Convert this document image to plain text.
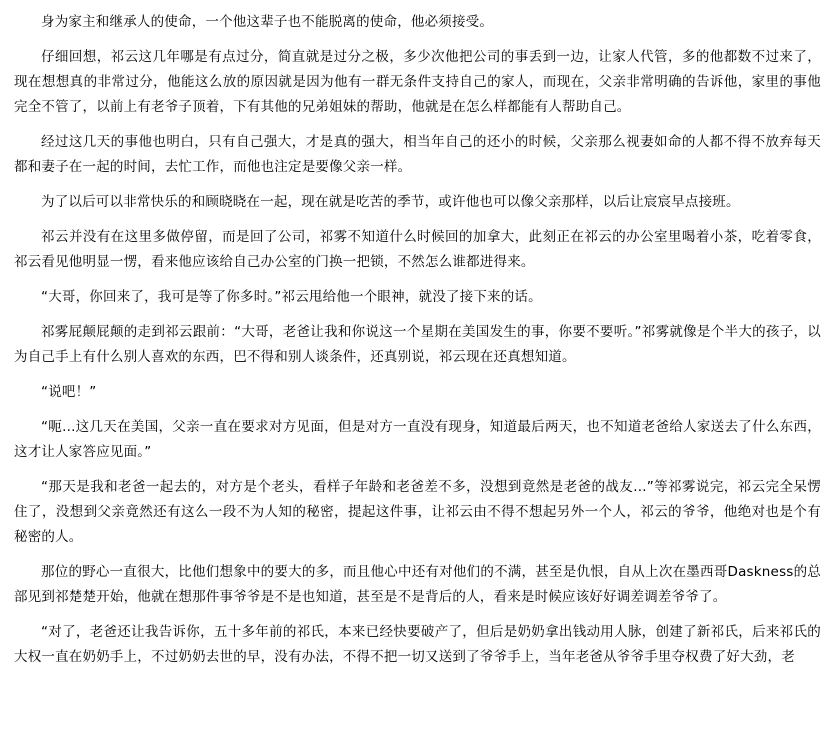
身为家主和继承人的使命，一个他这辈子也不能脱离的使命，他必须接受。

仔细回想，祁云这几年哪是有点过分，简直就是过分之极，多少次他把公司的事丢到一边，让家人代管，多的他都数不过来了，现在想想真的非常过分，他能这么放的原因就是因为他有一群无条件支持自己的家人，而现在，父亲非常明确的告诉他，家里的事他完全不管了，以前上有老爷子顶着，下有其他的兄弟姐妹的帮助，他就是在怎么样都能有人帮助自己。

经过这几天的事他也明白，只有自己强大，才是真的强大，相当年自己的还小的时候，父亲那么视妻如命的人都不得不放弃每天都和妻子在一起的时间，去忙工作，而他也注定是要像父亲一样。

为了以后可以非常快乐的和顾晓晓在一起，现在就是吃苦的季节，或许他也可以像父亲那样，以后让宸宸早点接班。

祁云并没有在这里多做停留，而是回了公司，祁雾不知道什么时候回的加拿大，此刻正在祁云的办公室里喝着小茶，吃着零食，祁云看见他明显一愣，看来他应该给自己办公室的门换一把锁，不然怎么谁都进得来。

“大哥，你回来了，我可是等了你多时。”祁云甩给他一个眼神，就没了接下来的话。

祁雾屁颠屁颠的走到祁云跟前：“大哥，老爸让我和你说这一个星期在美国发生的事，你要不要听。”祁雾就像是个半大的孩子，以为自己手上有什么别人喜欢的东西，巴不得和别人谈条件，还真别说，祁云现在还真想知道。

“说吧！”

“呃...这几天在美国，父亲一直在要求对方见面，但是对方一直没有现身，知道最后两天，也不知道老爸给人家送去了什么东西，这才让人家答应见面。”

“那天是我和老爸一起去的，对方是个老头，看样子年龄和老爸差不多，没想到竟然是老爸的战友...”等祁雾说完，祁云完全呆愣住了，没想到父亲竟然还有这么一段不为人知的秘密，提起这件事，让祁云由不得不想起另外一个人，祁云的爷爷，他绝对也是个有秘密的人。

那位的野心一直很大，比他们想象中的要大的多，而且他心中还有对他们的不满，甚至是仇恨，自从上次在墨西哥Daskness的总部见到祁楚楚开始，他就在想那件事爷爷是不是也知道，甚至是不是背后的人，看来是时候应该好好调差调差爷爷了。

“对了，老爸还让我告诉你，五十多年前的祁氏，本来已经快要破产了，但后是奶奶拿出钱动用人脉，创建了新祁氏，后来祁氏的大权一直在奶奶手上，不过奶奶去世的早，没有办法，不得不把一切又送到了爷爷手上，当年老爸从爷爷手里夺权费了好大劲，老
